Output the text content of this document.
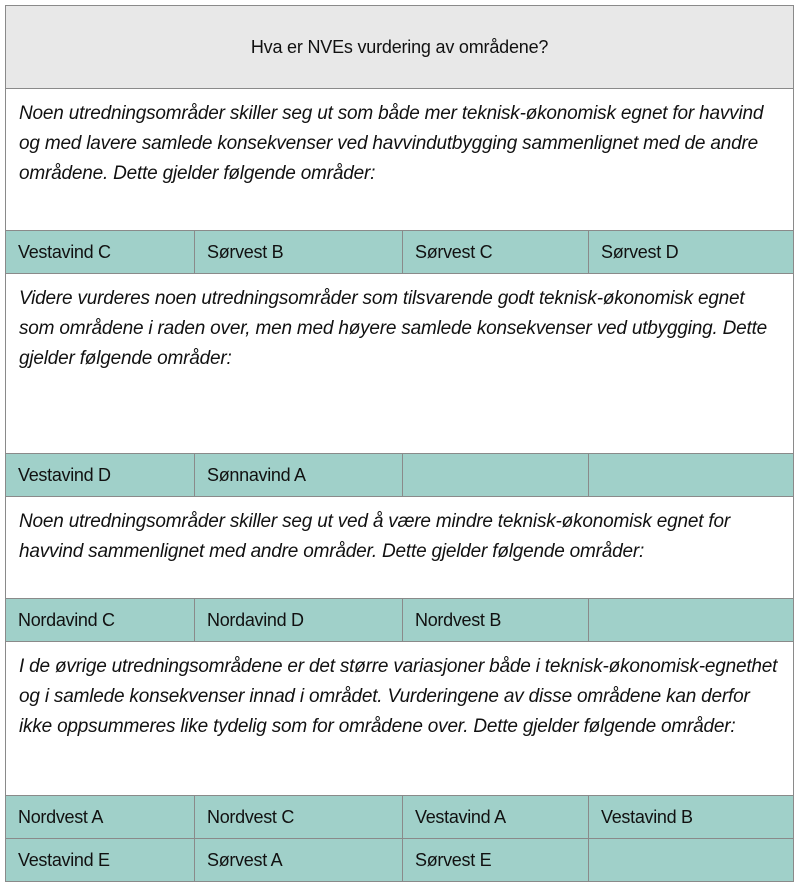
Hva er NVEs vurdering av områdene?			
Noen utredningsområder skiller seg ut som både mer teknisk-økonomisk egnet for havvind og med lavere samlede konsekvenser ved havvindutbygging sammenlignet med de andre områdene. Dette gjelder følgende områder:			
Vestavind C	Sørvest B	Sørvest C	Sørvest D
Videre vurderes noen utredningsområder som tilsvarende godt teknisk-økonomisk egnet som områdene i raden over, men med høyere samlede konsekvenser ved utbygging. Dette gjelder følgende områder:			
Vestavind D	Sønnavind A		
Noen utredningsområder skiller seg ut ved å være mindre teknisk-økonomisk egnet for havvind sammenlignet med andre områder. Dette gjelder følgende områder:			
Nordavind C	Nordavind D	Nordvest B	
I de øvrige utredningsområdene er det større variasjoner både i teknisk-økonomisk-egnethet og i samlede konsekvenser innad i området. Vurderingene av disse områdene kan derfor ikke oppsummeres like tydelig som for områdene over. Dette gjelder følgende områder:			
Nordvest A	Nordvest C	Vestavind A	Vestavind B
Vestavind E	Sørvest A	Sørvest E	
